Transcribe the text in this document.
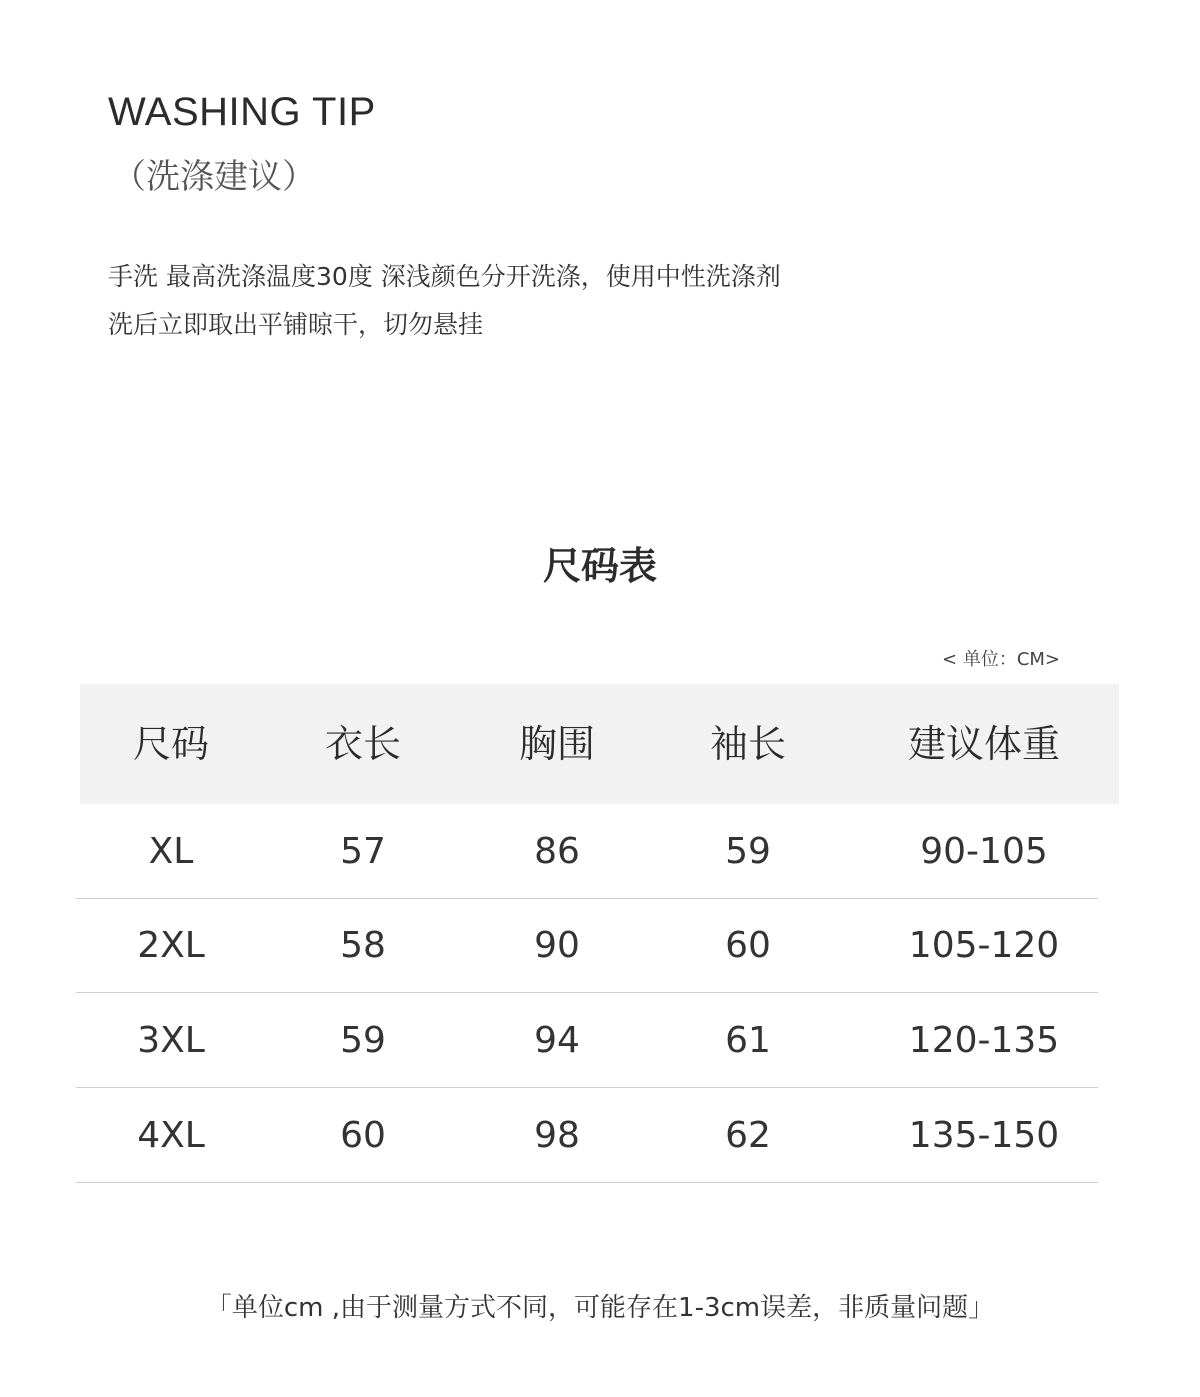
WASHING TIP
（洗涤建议）
手洗 最高洗涤温度30度 深浅颜色分开洗涤，使用中性洗涤剂
洗后立即取出平铺晾干，切勿悬挂
尺码表
< 单位：CM>
尺码	衣长	胸围	袖长	建议体重
XL	57	86	59	90-105
2XL	58	90	60	105-120
3XL	59	94	61	120-135
4XL	60	98	62	135-150
「单位cm ,由于测量方式不同，可能存在1-3cm误差，非质量问题」
